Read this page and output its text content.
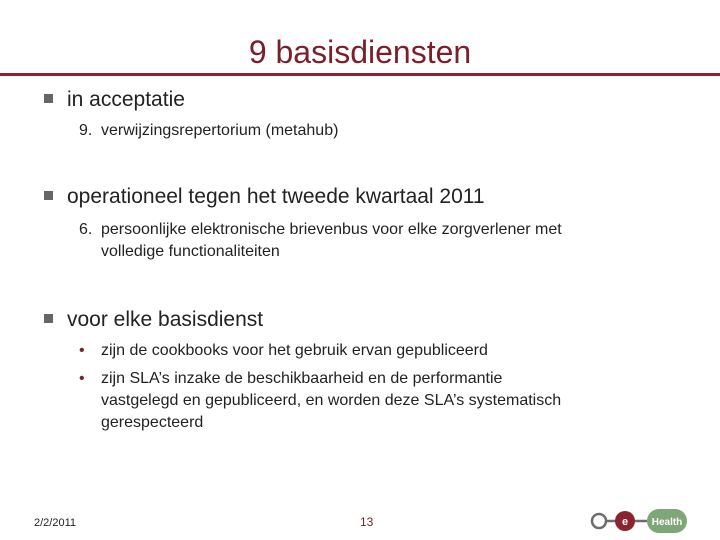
9 basisdiensten
in acceptatie
9. verwijzingsrepertorium (metahub)
operationeel tegen het tweede kwartaal 2011
6. persoonlijke elektronische brievenbus voor elke zorgverlener met
volledige functionaliteiten
voor elke basisdienst
• zijn de cookbooks voor het gebruik ervan gepubliceerd
• zijn SLA’s inzake de beschikbaarheid en de performantie
vastgelegd en gepubliceerd, en worden deze SLA’s systematisch
gerespecteerd
2/2/2011	13	e Health
